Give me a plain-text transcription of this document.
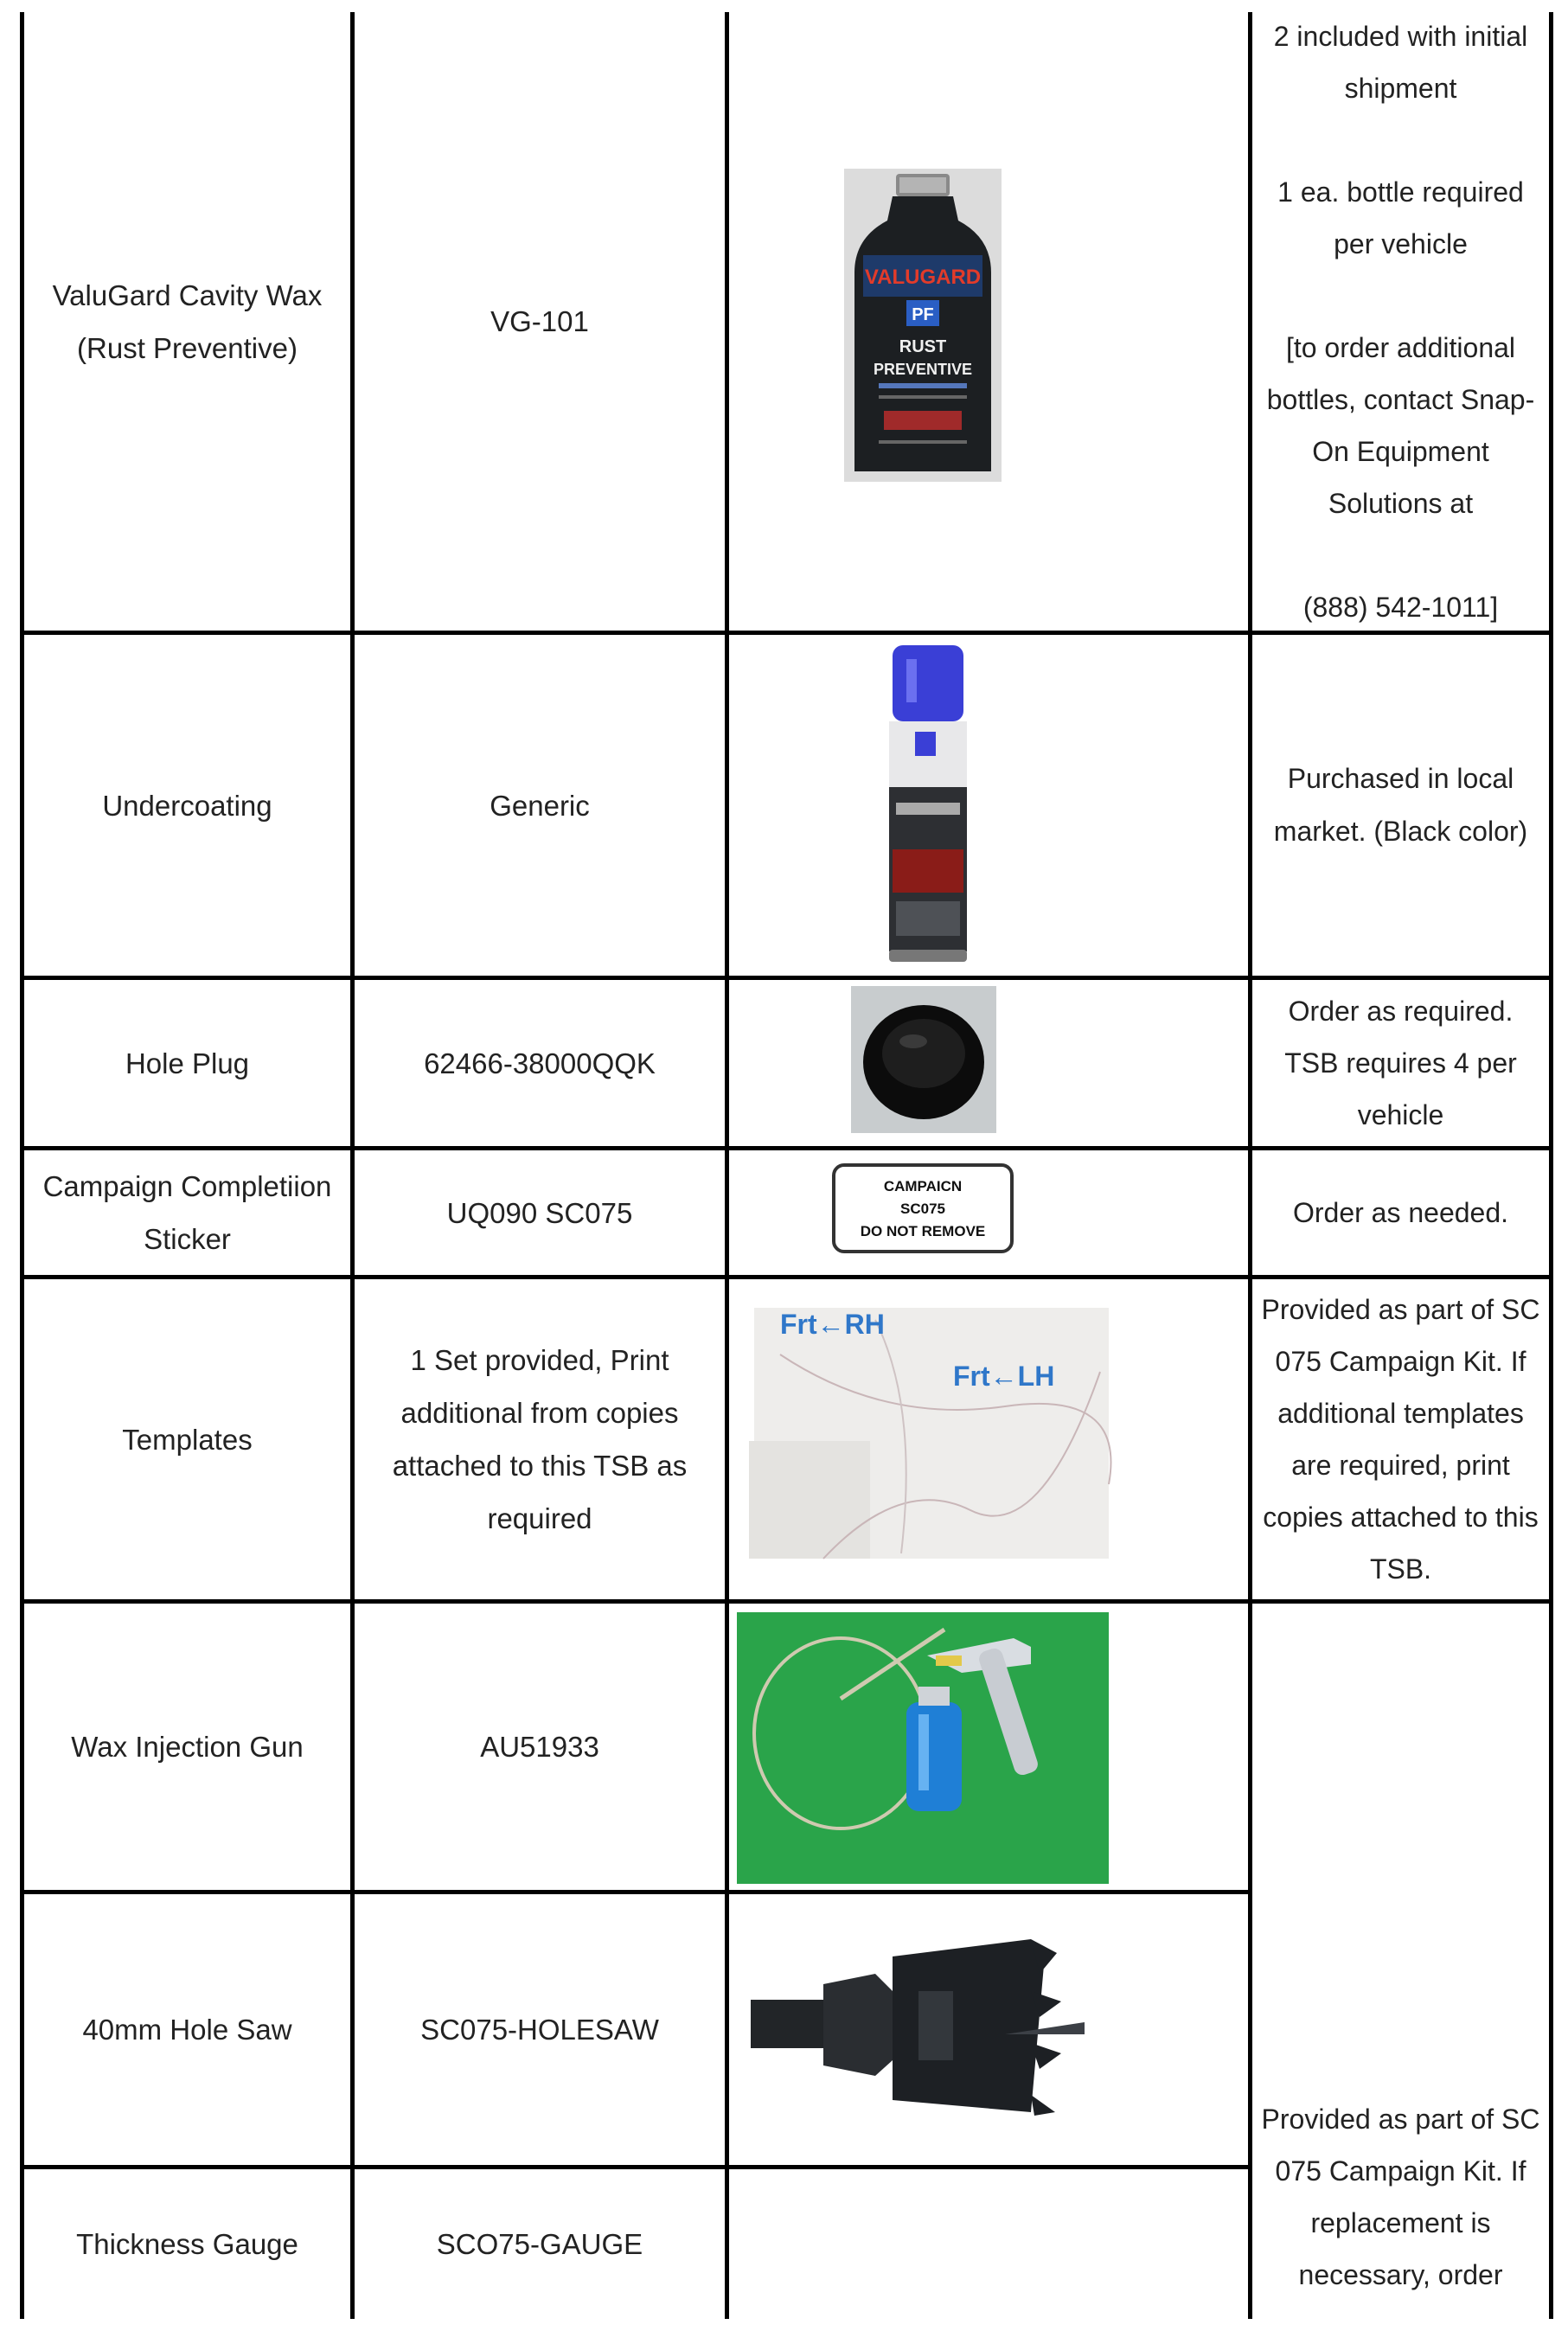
ValuGard Cavity Wax
(Rust Preventive)

Undercoating

Hole Plug

Campaign Completiion
Sticker

Templates

Wax Injection Gun

40mm Hole Saw

Thickness Gauge

VG-101

Generic

62466-38000QQK

UQ090 SC075

1 Set provided, Print
additional from copies
attached to this TSB as
required

AU51933

SC075-HOLESAW

SCO75-GAUGE

2 included with initial
shipment

1 ea. bottle required
per vehicle

[to order additional
bottles, contact Snap-
On Equipment
Solutions at

(888) 542-1011]

Purchased in local
market. (Black color)

Order as required.
TSB requires 4 per
vehicle

Order as needed.

Provided as part of SC
075 Campaign Kit. If
additional templates
are required, print
copies attached to this
TSB.

Provided as part of SC
075 Campaign Kit. If
replacement is
necessary, order

VALUGARD
PF
RUST
PREVENTIVE
CAMPAICN
SC075
DO NOT REMOVE
Frt←RH
Frt←LH
